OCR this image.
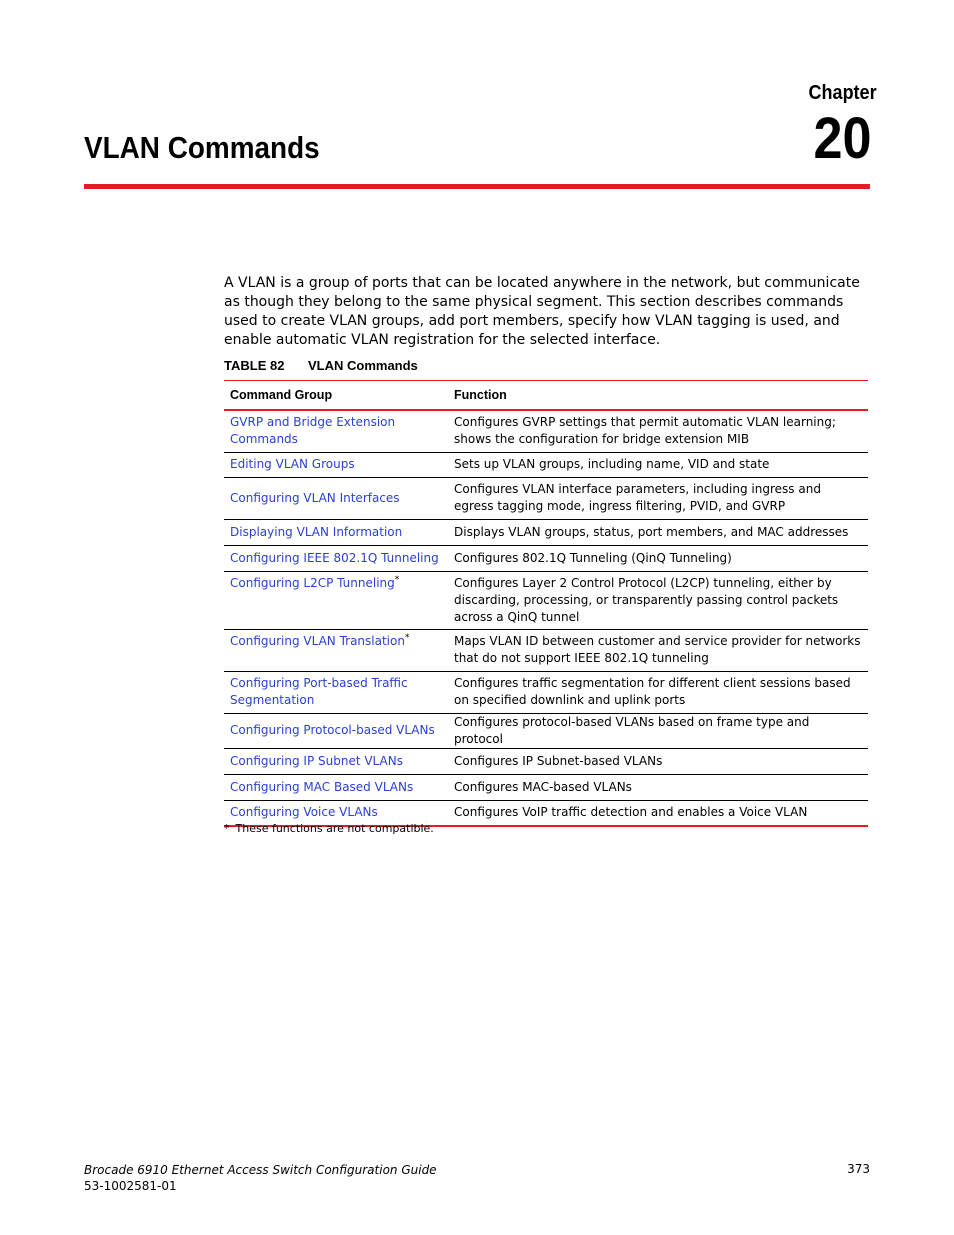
Chapter
20
VLAN Commands

A VLAN is a group of ports that can be located anywhere in the network, but communicate as though they belong to the same physical segment. This section describes commands used to create VLAN groups, add port members, specify how VLAN tagging is used, and enable automatic VLAN registration for the selected interface.

TABLE 82 VLAN Commands
Command Group	Function
GVRP and Bridge Extension Commands	Configures GVRP settings that permit automatic VLAN learning; shows the configuration for bridge extension MIB
Editing VLAN Groups	Sets up VLAN groups, including name, VID and state
Configuring VLAN Interfaces	Configures VLAN interface parameters, including ingress and egress tagging mode, ingress filtering, PVID, and GVRP
Displaying VLAN Information	Displays VLAN groups, status, port members, and MAC addresses
Configuring IEEE 802.1Q Tunneling	Configures 802.1Q Tunneling (QinQ Tunneling)
Configuring L2CP Tunneling*	Configures Layer 2 Control Protocol (L2CP) tunneling, either by discarding, processing, or transparently passing control packets across a QinQ tunnel
Configuring VLAN Translation*	Maps VLAN ID between customer and service provider for networks that do not support IEEE 802.1Q tunneling
Configuring Port-based Traffic Segmentation	Configures traffic segmentation for different client sessions based on specified downlink and uplink ports
Configuring Protocol-based VLANs	Configures protocol-based VLANs based on frame type and protocol
Configuring IP Subnet VLANs	Configures IP Subnet-based VLANs
Configuring MAC Based VLANs	Configures MAC-based VLANs
Configuring Voice VLANs	Configures VoIP traffic detection and enables a Voice VLAN
* These functions are not compatible.
Brocade 6910 Ethernet Access Switch Configuration Guide
53-1002581-01
373
